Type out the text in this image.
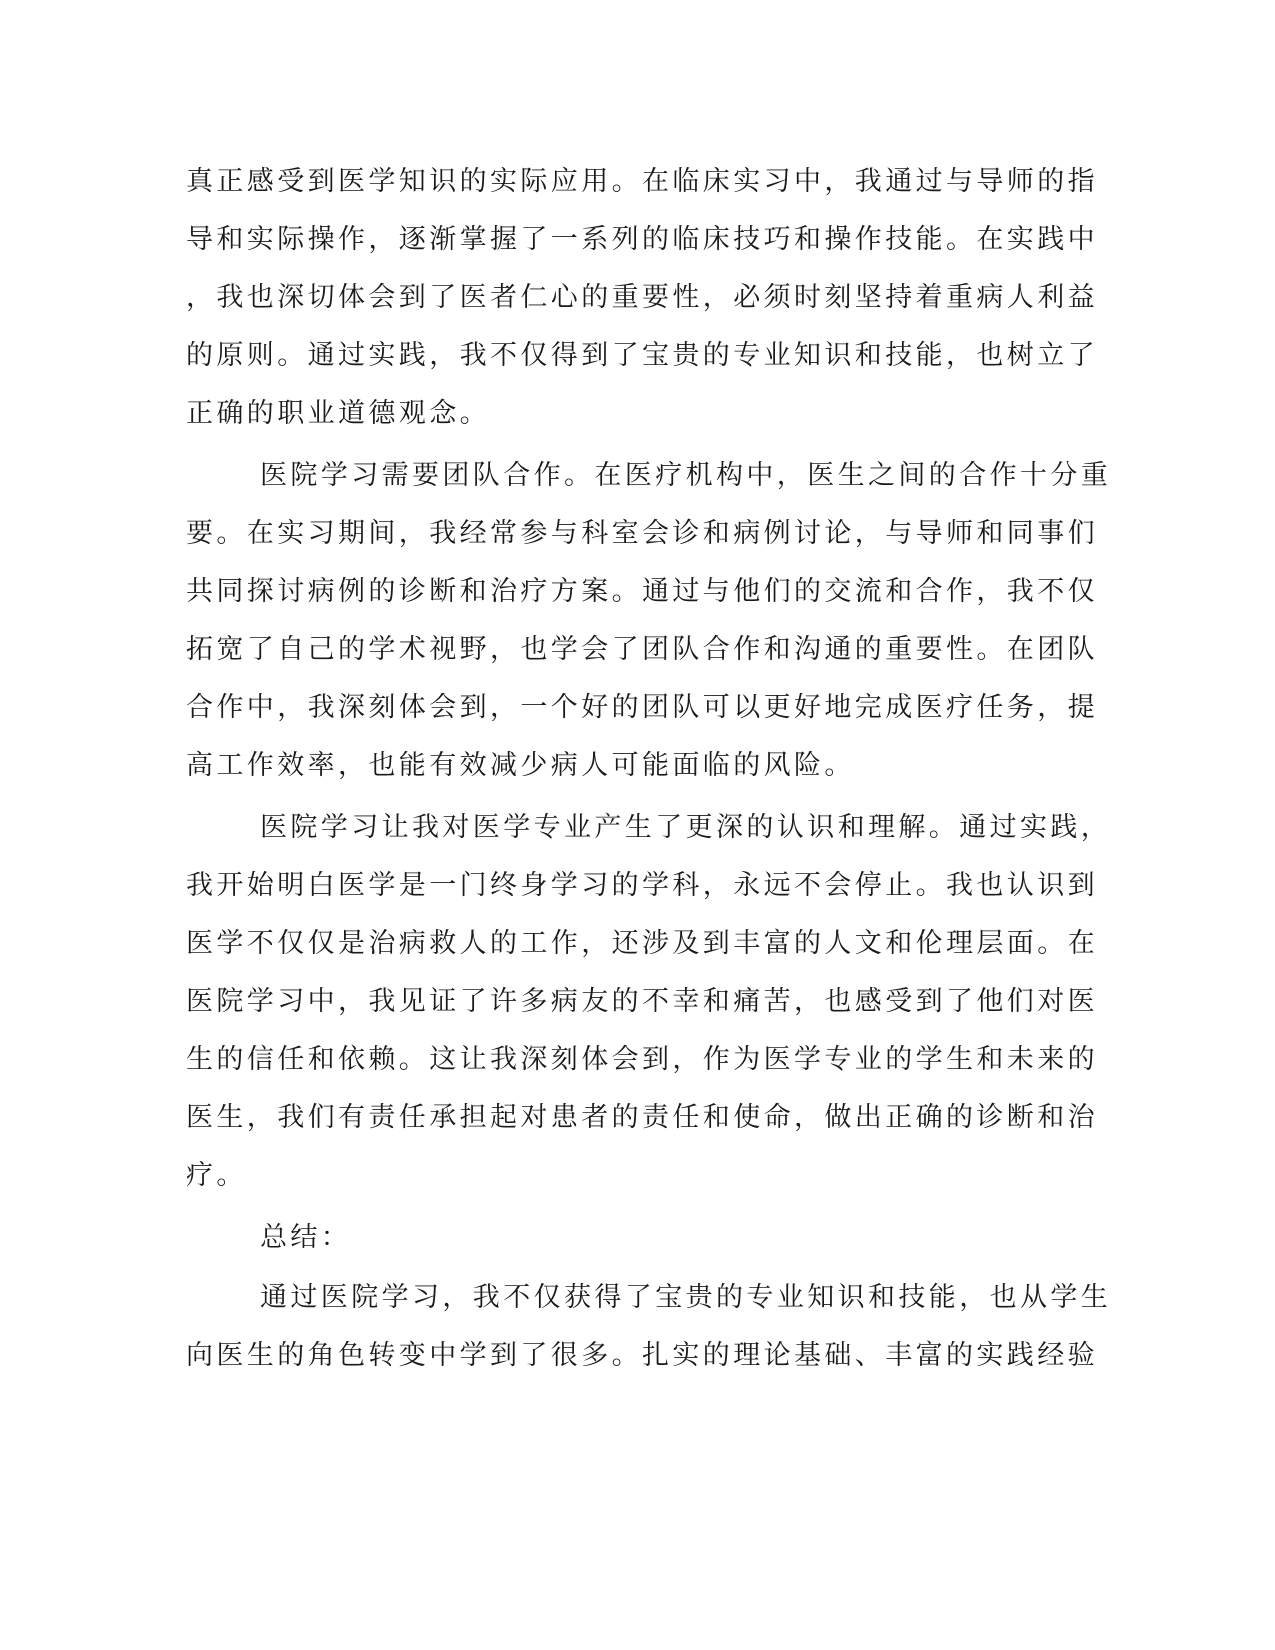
真正感受到医学知识的实际应用。在临床实习中，我通过与导师的指
导和实际操作，逐渐掌握了一系列的临床技巧和操作技能。在实践中
，我也深切体会到了医者仁心的重要性，必须时刻坚持着重病人利益
的原则。通过实践，我不仅得到了宝贵的专业知识和技能，也树立了
正确的职业道德观念。
医院学习需要团队合作。在医疗机构中，医生之间的合作十分重
要。在实习期间，我经常参与科室会诊和病例讨论，与导师和同事们
共同探讨病例的诊断和治疗方案。通过与他们的交流和合作，我不仅
拓宽了自己的学术视野，也学会了团队合作和沟通的重要性。在团队
合作中，我深刻体会到，一个好的团队可以更好地完成医疗任务，提
高工作效率，也能有效减少病人可能面临的风险。
医院学习让我对医学专业产生了更深的认识和理解。通过实践，
我开始明白医学是一门终身学习的学科，永远不会停止。我也认识到
医学不仅仅是治病救人的工作，还涉及到丰富的人文和伦理层面。在
医院学习中，我见证了许多病友的不幸和痛苦，也感受到了他们对医
生的信任和依赖。这让我深刻体会到，作为医学专业的学生和未来的
医生，我们有责任承担起对患者的责任和使命，做出正确的诊断和治
疗。
总结：
通过医院学习，我不仅获得了宝贵的专业知识和技能，也从学生
向医生的角色转变中学到了很多。扎实的理论基础、丰富的实践经验
